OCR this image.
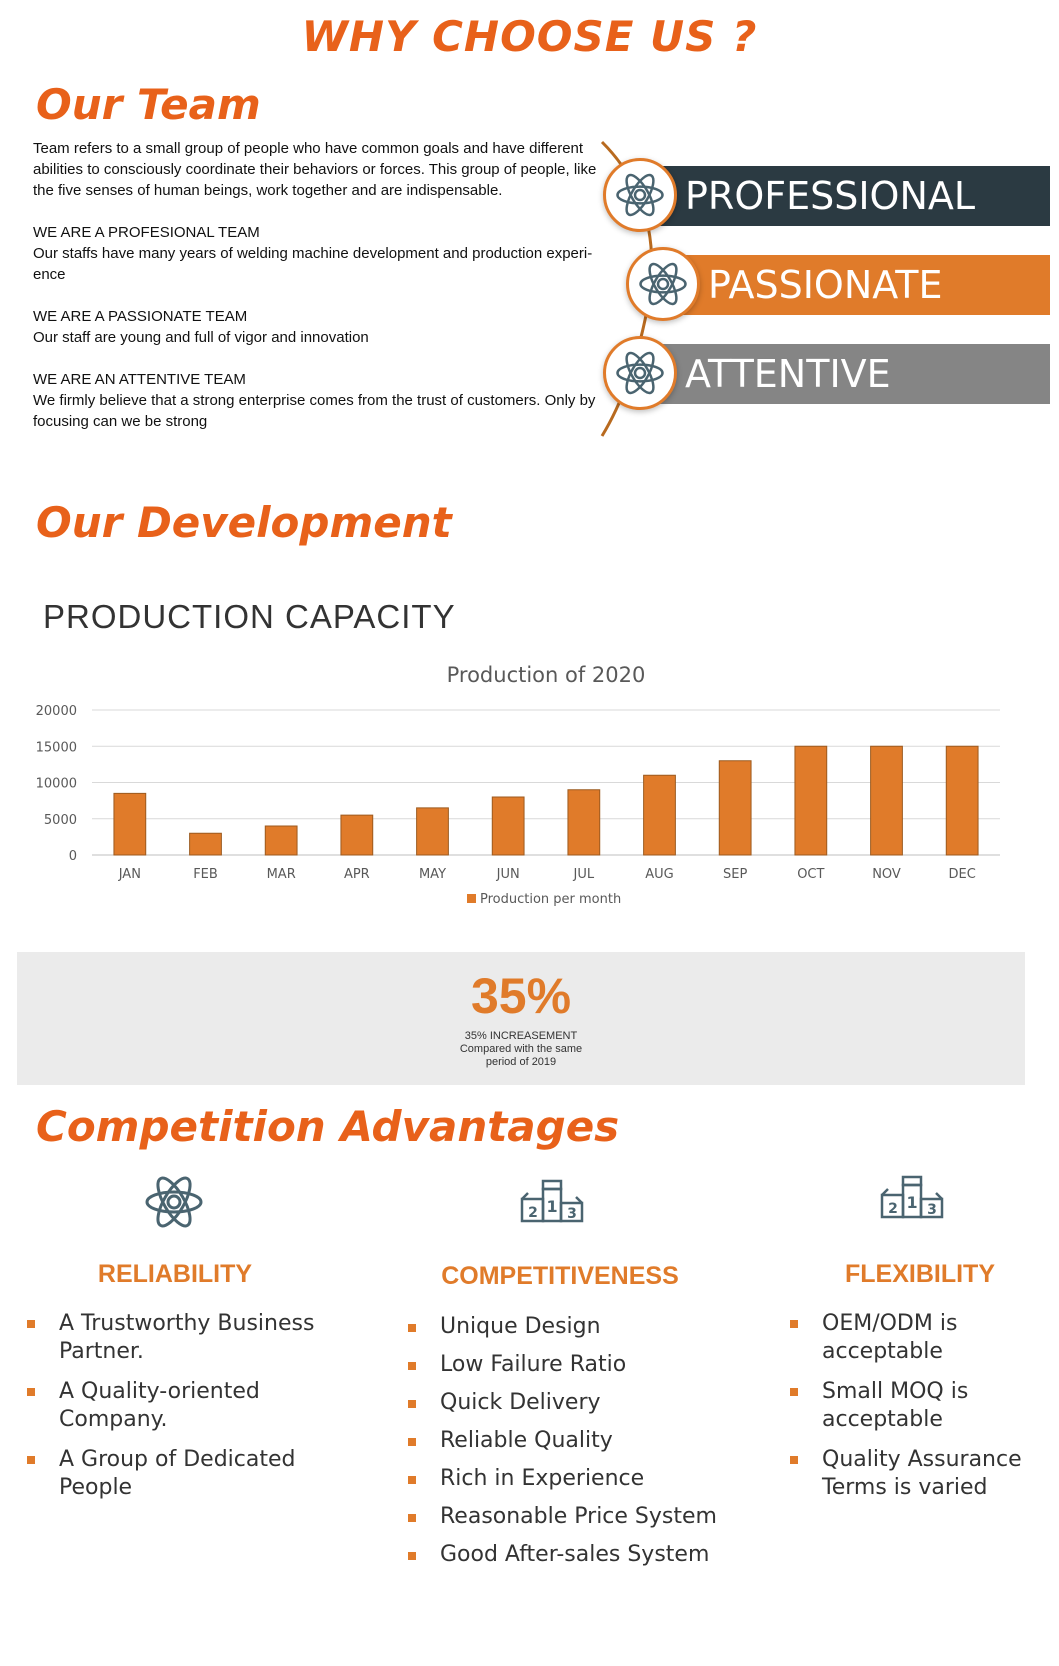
WHY CHOOSE US ?
Our Team

Team refers to a small group of people who have common goals and have different abilities to consciously coordinate their behaviors or forces. This group of people, like the five senses of human beings, work together and are indispensable.

WE ARE A PROFESIONAL TEAM
Our staffs have many years of welding machine development and production experi-ence

WE ARE A PASSIONATE TEAM
Our staff are young and full of vigor and innovation

WE ARE AN ATTENTIVE TEAM
We firmly believe that a strong enterprise comes from the trust of customers. Only by focusing can we be strong

PROFESSIONAL
PASSIONATE
ATTENTIVE
Our Development
PRODUCTION CAPACITY
Production of 2020
0
5000
10000
15000
20000
JAN	FEB	MAR	APR	MAY	JUN	JUL	AUG	SEP	OCT	NOV	DEC
Production per month
35%
35% INCREASEMENT
Compared with the same
period of 2019
Competition Advantages
RELIABILITY	COMPETITIVENESS	FLEXIBILITY
A Trustworthy Business Partner.
A Quality-oriented Company.
A Group of Dedicated People
Unique Design
Low Failure Ratio
Quick Delivery
Reliable Quality
Rich in Experience
Reasonable Price System
Good After-sales System
OEM/ODM is acceptable
Small MOQ is acceptable
Quality Assurance Terms is varied
